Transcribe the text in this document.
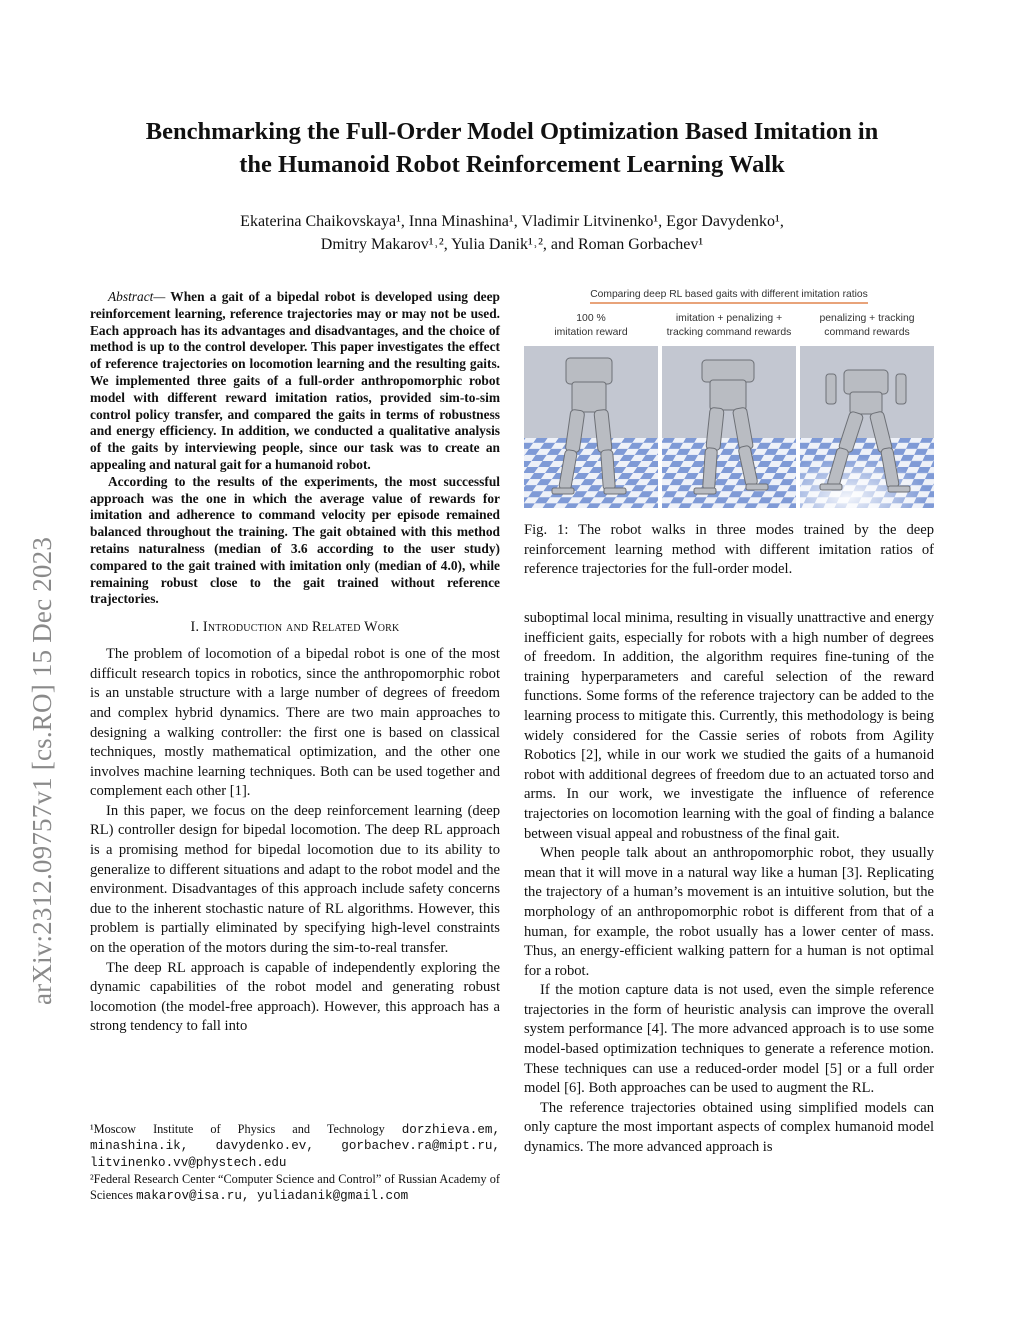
arXiv:2312.09757v1 [cs.RO] 15 Dec 2023
Benchmarking the Full-Order Model Optimization Based Imitation in
the Humanoid Robot Reinforcement Learning Walk
Ekaterina Chaikovskaya¹, Inna Minashina¹, Vladimir Litvinenko¹, Egor Davydenko¹,
Dmitry Makarov¹˒², Yulia Danik¹˒², and Roman Gorbachev¹

Abstract— When a gait of a bipedal robot is developed using deep reinforcement learning, reference trajectories may or may not be used. Each approach has its advantages and disadvantages, and the choice of method is up to the control developer. This paper investigates the effect of reference trajectories on locomotion learning and the resulting gaits. We implemented three gaits of a full-order anthropomorphic robot model with different reward imitation ratios, provided sim-to-sim control policy transfer, and compared the gaits in terms of robustness and energy efficiency. In addition, we conducted a qualitative analysis of the gaits by interviewing people, since our task was to create an appealing and natural gait for a humanoid robot.

According to the results of the experiments, the most successful approach was the one in which the average value of rewards for imitation and adherence to command velocity per episode remained balanced throughout the training. The gait obtained with this method retains naturalness (median of 3.6 according to the user study) compared to the gait trained with imitation only (median of 4.0), while remaining robust close to the gait trained without reference trajectories.

I. Introduction and Related Work

The problem of locomotion of a bipedal robot is one of the most difficult research topics in robotics, since the anthropomorphic robot is an unstable structure with a large number of degrees of freedom and complex hybrid dynamics. There are two main approaches to designing a walking controller: the first one is based on classical techniques, mostly mathematical optimization, and the other one involves machine learning techniques. Both can be used together and complement each other [1].

In this paper, we focus on the deep reinforcement learning (deep RL) controller design for bipedal locomotion. The deep RL approach is a promising method for bipedal locomotion due to its ability to generalize to different situations and adapt to the robot model and the environment. Disadvantages of this approach include safety concerns due to the inherent stochastic nature of RL algorithms. However, this problem is partially eliminated by specifying high-level constraints on the operation of the motors during the sim-to-real transfer.

The deep RL approach is capable of independently exploring the dynamic capabilities of the robot model and generating robust locomotion (the model-free approach). However, this approach has a strong tendency to fall into

¹Moscow Institute of Physics and Technology dorzhieva.em, minashina.ik, davydenko.ev, gorbachev.ra@mipt.ru, litvinenko.vv@phystech.edu

²Federal Research Center “Computer Science and Control” of Russian Academy of Sciences makarov@isa.ru, yuliadanik@gmail.com

Comparing deep RL based gaits with different imitation ratios
100 %
imitation reward
imitation + penalizing +
tracking command rewards
penalizing + tracking
command rewards
Fig. 1: The robot walks in three modes trained by the deep reinforcement learning method with different imitation ratios of reference trajectories for the full-order model.

suboptimal local minima, resulting in visually unattractive and energy inefficient gaits, especially for robots with a high number of degrees of freedom. In addition, the algorithm requires fine-tuning of the training hyperparameters and careful selection of the reward functions. Some forms of the reference trajectory can be added to the learning process to mitigate this. Currently, this methodology is being widely considered for the Cassie series of robots from Agility Robotics [2], while in our work we studied the gaits of a humanoid robot with additional degrees of freedom due to an actuated torso and arms. In our work, we investigate the influence of reference trajectories on locomotion learning with the goal of finding a balance between visual appeal and robustness of the final gait.

When people talk about an anthropomorphic robot, they usually mean that it will move in a natural way like a human [3]. Replicating the trajectory of a human’s movement is an intuitive solution, but the morphology of an anthropomorphic robot is different from that of a human, for example, the robot usually has a lower center of mass. Thus, an energy-efficient walking pattern for a human is not optimal for a robot.

If the motion capture data is not used, even the simple reference trajectories in the form of heuristic analysis can improve the overall system performance [4]. The more advanced approach is to use some model-based optimization techniques to generate a reference motion. These techniques can use a reduced-order model [5] or a full order model [6]. Both approaches can be used to augment the RL.

The reference trajectories obtained using simplified models can only capture the most important aspects of complex humanoid model dynamics. The more advanced approach is
